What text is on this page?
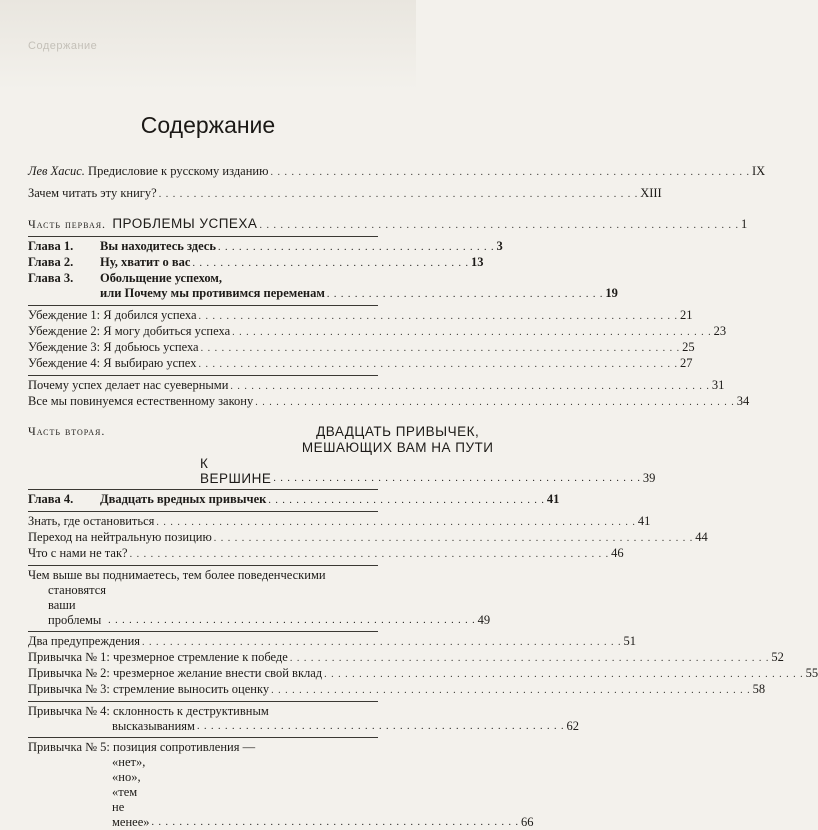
Содержание
Содержание
Лев Хасис. Предисловие к русскому изданию . . .	IX
Зачем читать эту книгу? . . .	XIII
Часть первая. ПРОБЛЕМЫ УСПЕХА . . .	1
Глава 1.	Вы находитесь здесь . . .	3
Глава 2.	Ну, хватит о вас . . .	13
Глава 3.	Обольщение успехом,
или Почему мы противимся переменам . . .	19
Убеждение 1: Я добился успеха . . .	21
Убеждение 2: Я могу добиться успеха . . .	23
Убеждение 3: Я добьюсь успеха . . .	25
Убеждение 4: Я выбираю успех . . .	27
Почему успех делает нас суеверными . . .	31
Все мы повинуемся естественному закону . . .	34
Часть вторая.	ДВАДЦАТЬ ПРИВЫЧЕК,
МЕШАЮЩИХ ВАМ НА ПУТИ
К ВЕРШИНЕ . . .	39
Глава 4.	Двадцать вредных привычек . . .	41
Знать, где остановиться . . .	41
Переход на нейтральную позицию . . .	44
Что с нами не так? . . .	46
Чем выше вы поднимаетесь, тем более поведенческими
становятся ваши проблемы . . .	49
Два предупреждения . . .	51
Привычка № 1: чрезмерное стремление к победе . . .	52
Привычка № 2: чрезмерное желание внести свой вклад . . .	55
Привычка № 3: стремление выносить оценку . . .	58
Привычка № 4: склонность к деструктивным
высказываниям . . .	62
Привычка № 5: позиция сопротивления —
«нет», «но», «тем не менее» . . .	66
